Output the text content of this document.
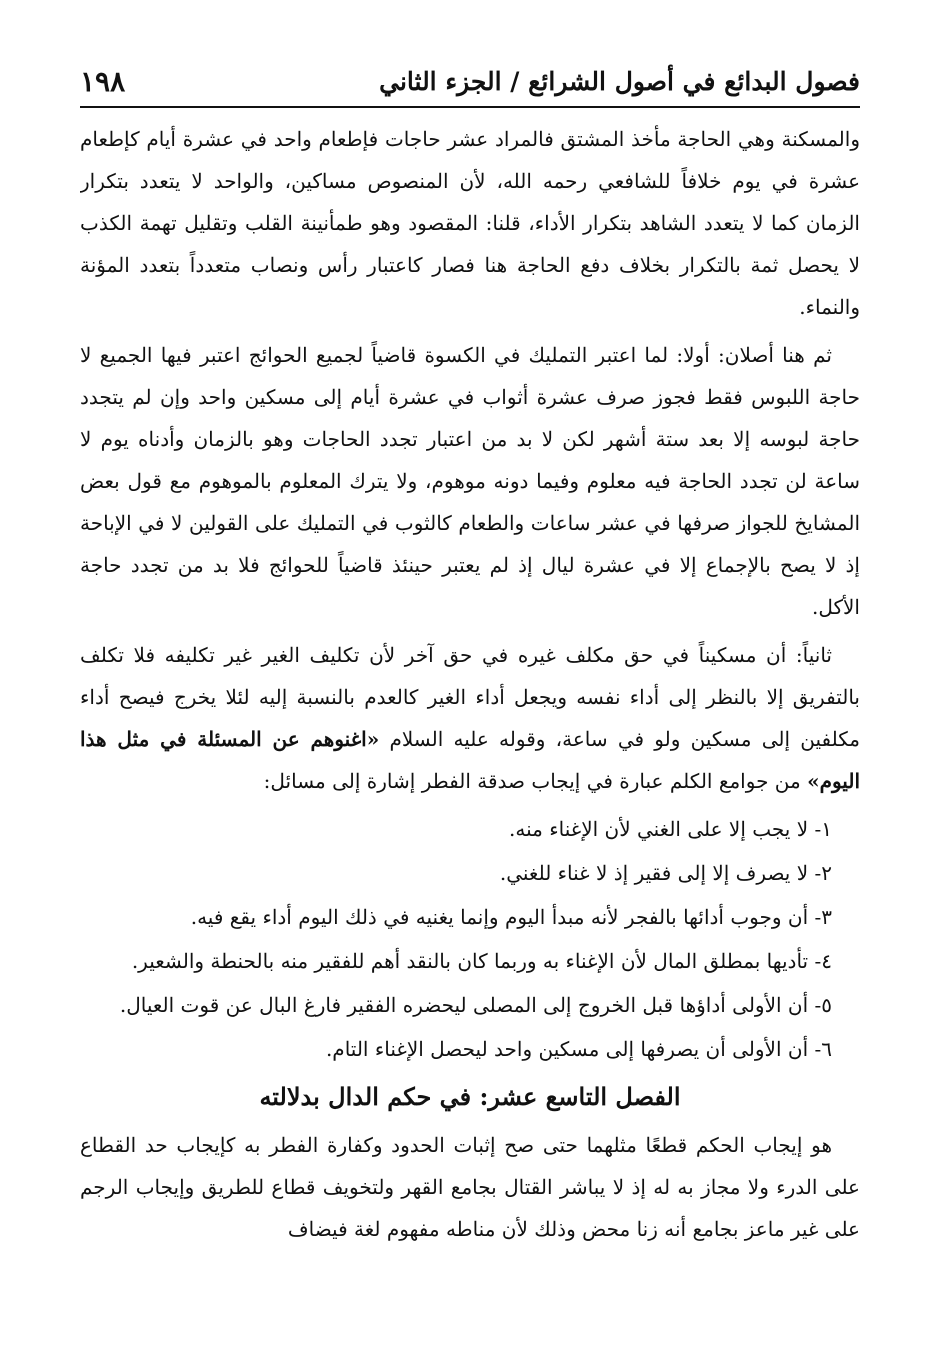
فصول البدائع في أصول الشرائع / الجزء الثاني
١٩٨

والمسكنة وهي الحاجة مأخذ المشتق فالمراد عشر حاجات فإطعام واحد في عشرة أيام كإطعام عشرة في يوم خلافاً للشافعي رحمه الله، لأن المنصوص مساكين، والواحد لا يتعدد بتكرار الزمان كما لا يتعدد الشاهد بتكرار الأداء، قلنا: المقصود وهو طمأنينة القلب وتقليل تهمة الكذب لا يحصل ثمة بالتكرار بخلاف دفع الحاجة هنا فصار كاعتبار رأس ونصاب متعدداً بتعدد المؤنة والنماء.

ثم هنا أصلان: أولا: لما اعتبر التمليك في الكسوة قاضياً لجميع الحوائج اعتبر فيها الجميع لا حاجة اللبوس فقط فجوز صرف عشرة أثواب في عشرة أيام إلى مسكين واحد وإن لم يتجدد حاجة لبوسه إلا بعد ستة أشهر لكن لا بد من اعتبار تجدد الحاجات وهو بالزمان وأدناه يوم لا ساعة لن تجدد الحاجة فيه معلوم وفيما دونه موهوم، ولا يترك المعلوم بالموهوم مع قول بعض المشايخ للجواز صرفها في عشر ساعات والطعام كالثوب في التمليك على القولين لا في الإباحة إذ لا يصح بالإجماع إلا في عشرة ليال إذ لم يعتبر حينئذ قاضياً للحوائج فلا بد من تجدد حاجة الأكل.

ثانياً: أن مسكيناً في حق مكلف غيره في حق آخر لأن تكليف الغير غير تكليفه فلا تكلف بالتفريق إلا بالنظر إلى أداء نفسه ويجعل أداء الغير كالعدم بالنسبة إليه لئلا يخرج فيصح أداء مكلفين إلى مسكين ولو في ساعة، وقوله عليه السلام «اغنوهم عن المسئلة في مثل هذا اليوم» من جوامع الكلم عبارة في إيجاب صدقة الفطر إشارة إلى مسائل:

١- لا يجب إلا على الغني لأن الإغناء منه.
٢- لا يصرف إلا إلى فقير إذ لا غناء للغني.
٣- أن وجوب أدائها بالفجر لأنه مبدأ اليوم وإنما يغنيه في ذلك اليوم أداء يقع فيه.
٤- تأديها بمطلق المال لأن الإغناء به وربما كان بالنقد أهم للفقير منه بالحنطة والشعير.
٥- أن الأولى أداؤها قبل الخروج إلى المصلى ليحضره الفقير فارغ البال عن قوت العيال.
٦- أن الأولى أن يصرفها إلى مسكين واحد ليحصل الإغناء التام.
الفصل التاسع عشر: في حكم الدال بدلالته

هو إيجاب الحكم قطعًا مثلهما حتى صح إثبات الحدود وكفارة الفطر به كإيجاب حد القطاع على الدرء ولا مجاز به له إذ لا يباشر القتال بجامع القهر ولتخويف قطاع للطريق وإيجاب الرجم على غير ماعز بجامع أنه زنا محض وذلك لأن مناطه مفهوم لغة فيضاف
